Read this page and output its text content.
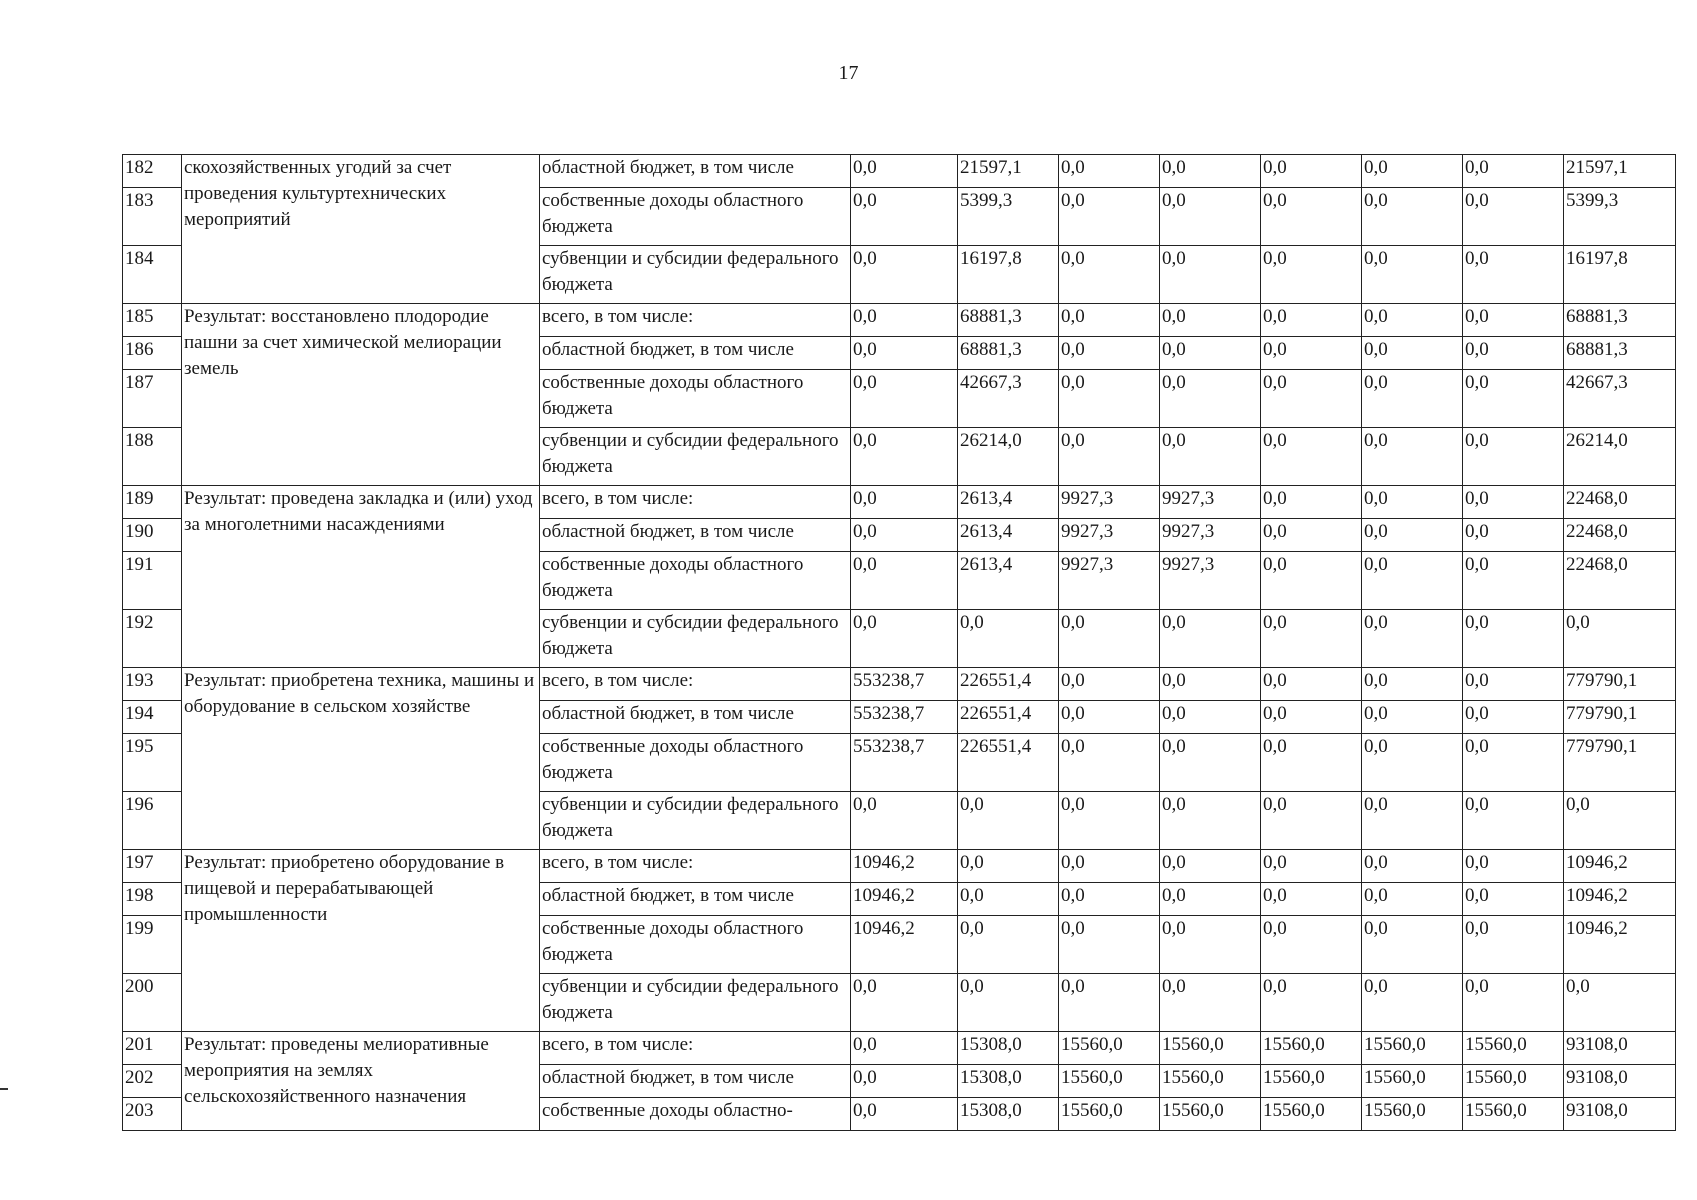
17
182	скохозяйственных угодий за счет проведения культуртехнических мероприятий	областной бюджет, в том числе	0,0	21597,1	0,0	0,0	0,0	0,0	0,0	21597,1
183		собственные доходы областного бюджета	0,0	5399,3	0,0	0,0	0,0	0,0	0,0	5399,3
184		субвенции и субсидии федерального бюджета	0,0	16197,8	0,0	0,0	0,0	0,0	0,0	16197,8
185	Результат: восстановлено плодородие пашни за счет химической мелиорации земель	всего, в том числе:	0,0	68881,3	0,0	0,0	0,0	0,0	0,0	68881,3
186		областной бюджет, в том числе	0,0	68881,3	0,0	0,0	0,0	0,0	0,0	68881,3
187		собственные доходы областного бюджета	0,0	42667,3	0,0	0,0	0,0	0,0	0,0	42667,3
188		субвенции и субсидии федерального бюджета	0,0	26214,0	0,0	0,0	0,0	0,0	0,0	26214,0
189	Результат: проведена закладка и (или) уход за многолетними насаждениями	всего, в том числе:	0,0	2613,4	9927,3	9927,3	0,0	0,0	0,0	22468,0
190		областной бюджет, в том числе	0,0	2613,4	9927,3	9927,3	0,0	0,0	0,0	22468,0
191		собственные доходы областного бюджета	0,0	2613,4	9927,3	9927,3	0,0	0,0	0,0	22468,0
192		субвенции и субсидии федерального бюджета	0,0	0,0	0,0	0,0	0,0	0,0	0,0	0,0
193	Результат: приобретена техника, машины и оборудование в сельском хозяйстве	всего, в том числе:	553238,7	226551,4	0,0	0,0	0,0	0,0	0,0	779790,1
194		областной бюджет, в том числе	553238,7	226551,4	0,0	0,0	0,0	0,0	0,0	779790,1
195		собственные доходы областного бюджета	553238,7	226551,4	0,0	0,0	0,0	0,0	0,0	779790,1
196		субвенции и субсидии федерального бюджета	0,0	0,0	0,0	0,0	0,0	0,0	0,0	0,0
197	Результат: приобретено оборудование в пищевой и перерабатывающей промышленности	всего, в том числе:	10946,2	0,0	0,0	0,0	0,0	0,0	0,0	10946,2
198		областной бюджет, в том числе	10946,2	0,0	0,0	0,0	0,0	0,0	0,0	10946,2
199		собственные доходы областного бюджета	10946,2	0,0	0,0	0,0	0,0	0,0	0,0	10946,2
200		субвенции и субсидии федерального бюджета	0,0	0,0	0,0	0,0	0,0	0,0	0,0	0,0
201	Результат: проведены мелиоративные мероприятия на землях сельскохозяйственного назначения	всего, в том числе:	0,0	15308,0	15560,0	15560,0	15560,0	15560,0	15560,0	93108,0
202		областной бюджет, в том числе	0,0	15308,0	15560,0	15560,0	15560,0	15560,0	15560,0	93108,0
203		собственные доходы областно-	0,0	15308,0	15560,0	15560,0	15560,0	15560,0	15560,0	93108,0
